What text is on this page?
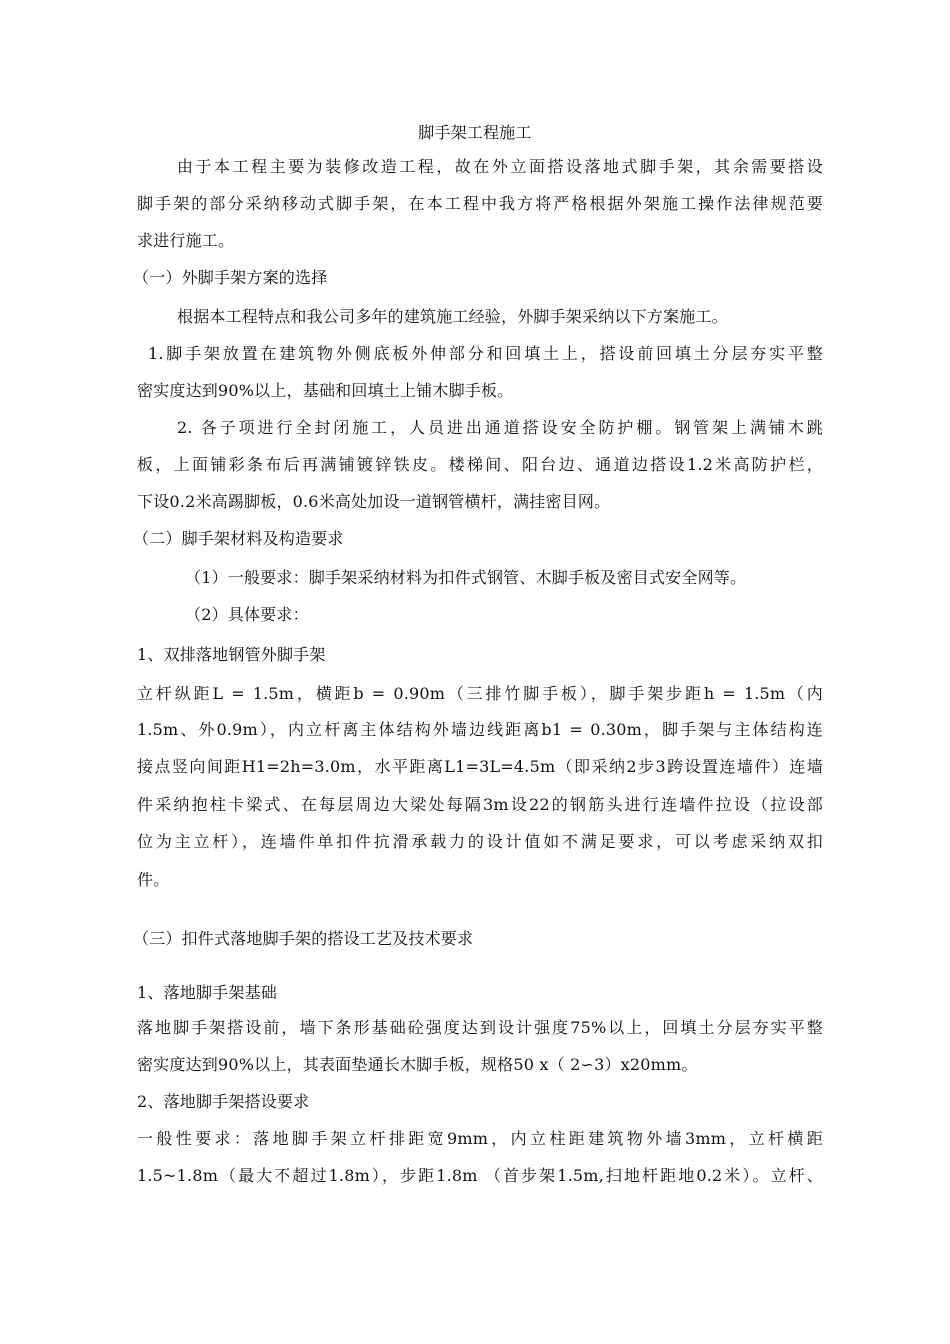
脚手架工程施工
由于本工程主要为装修改造工程，故在外立面搭设落地式脚手架，其余需要搭设
脚手架的部分采纳移动式脚手架，在本工程中我方将严格根据外架施工操作法律规范要
求进行施工。
（一）外脚手架方案的选择
根据本工程特点和我公司多年的建筑施工经验，外脚手架采纳以下方案施工。
1.脚手架放置在建筑物外侧底板外伸部分和回填土上，搭设前回填土分层夯实平整
密实度达到90%以上，基础和回填土上铺木脚手板。
2. 各子项进行全封闭施工，人员进出通道搭设安全防护棚。钢管架上满铺木跳
板，上面铺彩条布后再满铺镀锌铁皮。楼梯间、阳台边、通道边搭设1.2米高防护栏，
下设0.2米高踢脚板，0.6米高处加设一道钢管横杆，满挂密目网。
（二）脚手架材料及构造要求
（1）一般要求：脚手架采纳材料为扣件式钢管、木脚手板及密目式安全网等。
（2）具体要求：
1、双排落地钢管外脚手架
立杆纵距L = 1.5m，横距b = 0.90m（三排竹脚手板），脚手架步距h = 1.5m（内
1.5m、外0.9m），内立杆离主体结构外墙边线距离b1 = 0.30m，脚手架与主体结构连
接点竖向间距H1=2h=3.0m，水平距离L1=3L=4.5m（即采纳2步3跨设置连墙件）连墙
件采纳抱柱卡梁式、在每层周边大梁处每隔3m设22的钢筋头进行连墙件拉设（拉设部
位为主立杆），连墙件单扣件抗滑承载力的设计值如不满足要求，可以考虑采纳双扣
件。
（三）扣件式落地脚手架的搭设工艺及技术要求
1、落地脚手架基础
落地脚手架搭设前，墙下条形基础砼强度达到设计强度75%以上，回填土分层夯实平整
密实度达到90%以上，其表面垫通长木脚手板，规格50 x（ 2∽3）x20mm。
2、落地脚手架搭设要求
一般性要求：落地脚手架立杆排距宽9mm，内立柱距建筑物外墙3mm，立杆横距
1.5~1.8m（最大不超过1.8m），步距1.8m （首步架1.5m,扫地杆距地0.2米）。立杆、
